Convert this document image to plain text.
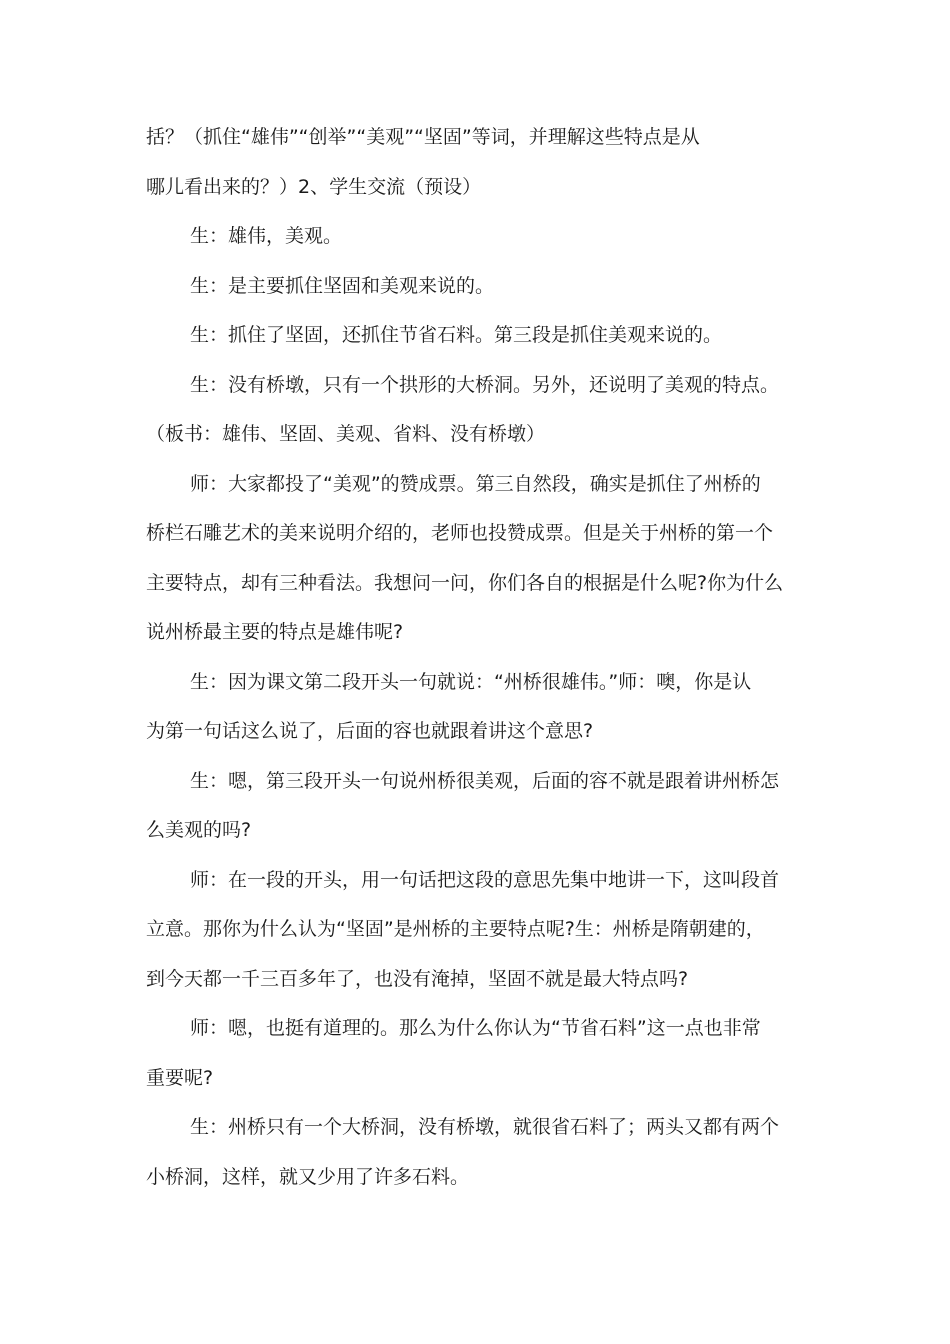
括？（抓住“雄伟”“创举”“美观”“坚固”等词，并理解这些特点是从
哪儿看出来的？）2、学生交流（预设）
生：雄伟，美观。
生：是主要抓住坚固和美观来说的。
生：抓住了坚固，还抓住节省石料。第三段是抓住美观来说的。
生：没有桥墩，只有一个拱形的大桥洞。另外，还说明了美观的特点。
（板书：雄伟、坚固、美观、省料、没有桥墩）
师：大家都投了“美观”的赞成票。第三自然段，确实是抓住了州桥的
桥栏石雕艺术的美来说明介绍的，老师也投赞成票。但是关于州桥的第一个
主要特点，却有三种看法。我想问一问，你们各自的根据是什么呢?你为什么
说州桥最主要的特点是雄伟呢?
生：因为课文第二段开头一句就说：“州桥很雄伟。”师：噢，你是认
为第一句话这么说了，后面的容也就跟着讲这个意思?
生：嗯，第三段开头一句说州桥很美观，后面的容不就是跟着讲州桥怎
么美观的吗?
师：在一段的开头，用一句话把这段的意思先集中地讲一下，这叫段首
立意。那你为什么认为“坚固”是州桥的主要特点呢?生：州桥是隋朝建的，
到今天都一千三百多年了，也没有淹掉，坚固不就是最大特点吗?
师：嗯，也挺有道理的。那么为什么你认为“节省石料”这一点也非常
重要呢?
生：州桥只有一个大桥洞，没有桥墩，就很省石料了；两头又都有两个
小桥洞，这样，就又少用了许多石料。
